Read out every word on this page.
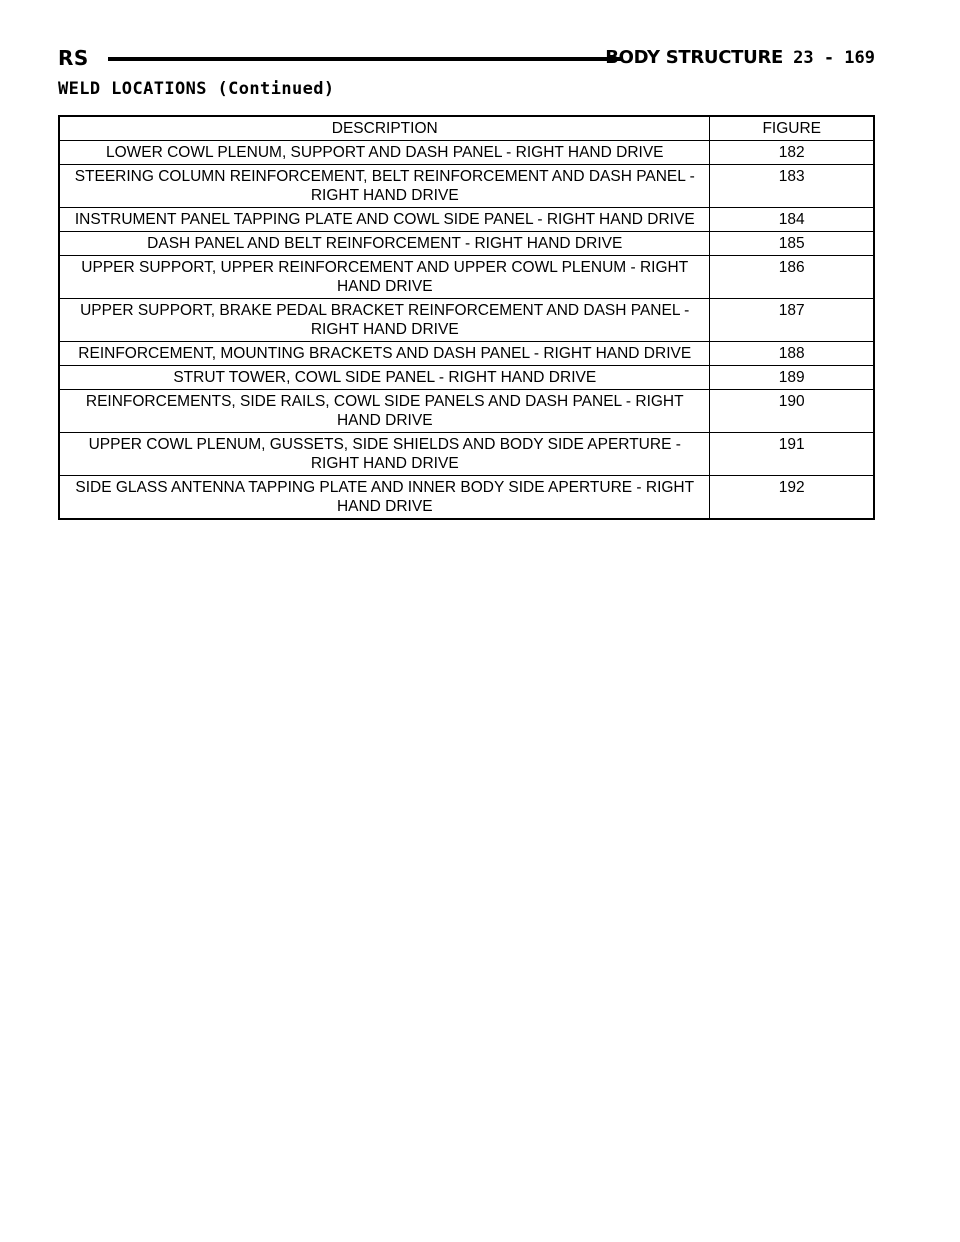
RS	BODY STRUCTURE 23 - 169
WELD LOCATIONS (Continued)
DESCRIPTION	FIGURE
LOWER COWL PLENUM, SUPPORT AND DASH PANEL - RIGHT HAND DRIVE	182
STEERING COLUMN REINFORCEMENT, BELT REINFORCEMENT AND DASH PANEL - RIGHT HAND DRIVE	183
INSTRUMENT PANEL TAPPING PLATE AND COWL SIDE PANEL - RIGHT HAND DRIVE	184
DASH PANEL AND BELT REINFORCEMENT - RIGHT HAND DRIVE	185
UPPER SUPPORT, UPPER REINFORCEMENT AND UPPER COWL PLENUM - RIGHT HAND DRIVE	186
UPPER SUPPORT, BRAKE PEDAL BRACKET REINFORCEMENT AND DASH PANEL - RIGHT HAND DRIVE	187
REINFORCEMENT, MOUNTING BRACKETS AND DASH PANEL - RIGHT HAND DRIVE	188
STRUT TOWER, COWL SIDE PANEL - RIGHT HAND DRIVE	189
REINFORCEMENTS, SIDE RAILS, COWL SIDE PANELS AND DASH PANEL - RIGHT HAND DRIVE	190
UPPER COWL PLENUM, GUSSETS, SIDE SHIELDS AND BODY SIDE APERTURE - RIGHT HAND DRIVE	191
SIDE GLASS ANTENNA TAPPING PLATE AND INNER BODY SIDE APERTURE - RIGHT HAND DRIVE	192
